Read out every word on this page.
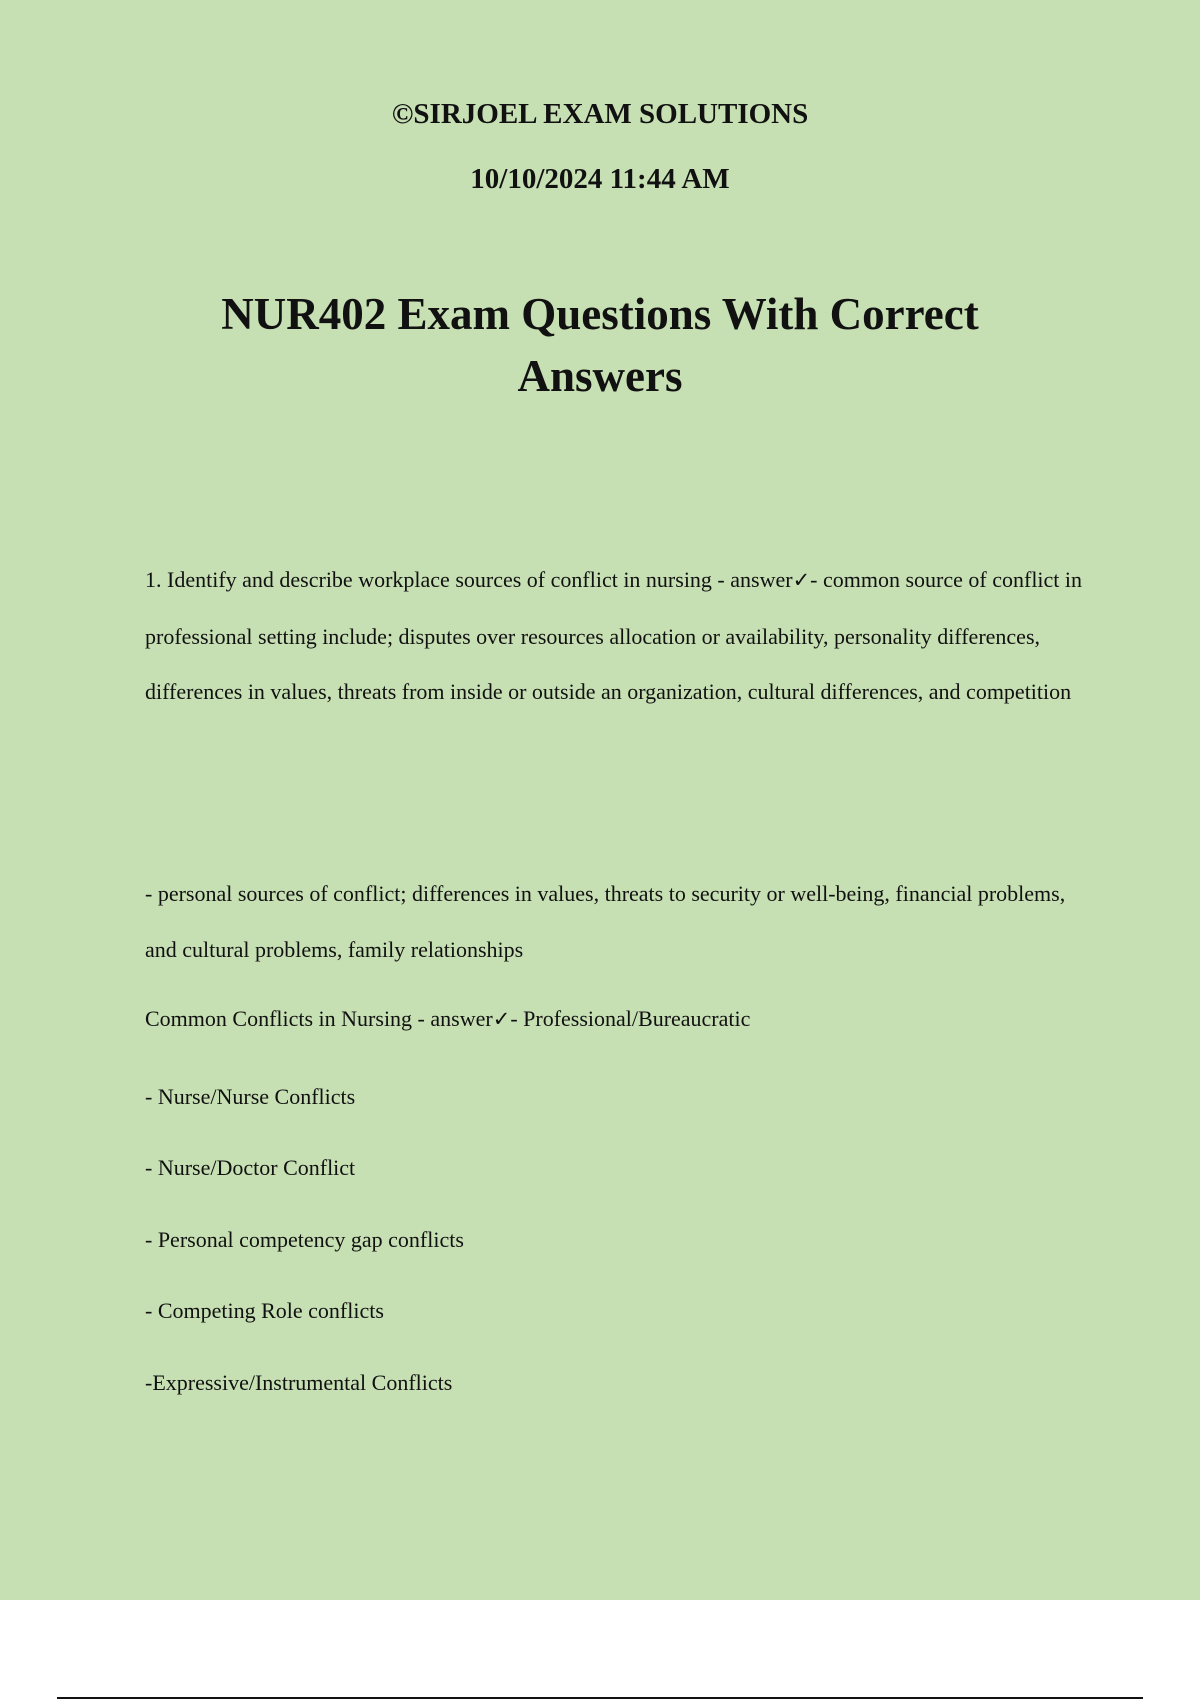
©SIRJOEL EXAM SOLUTIONS
10/10/2024 11:44 AM
NUR402 Exam Questions With Correct Answers

1. Identify and describe workplace sources of conflict in nursing - answer✓- common source of conflict in professional setting include; disputes over resources allocation or availability, personality differences, differences in values, threats from inside or outside an organization, cultural differences, and competition

- personal sources of conflict; differences in values, threats to security or well-being, financial problems, and cultural problems, family relationships

Common Conflicts in Nursing - answer✓- Professional/Bureaucratic

- Nurse/Nurse Conflicts

- Nurse/Doctor Conflict

- Personal competency gap conflicts

- Competing Role conflicts

-Expressive/Instrumental Conflicts
